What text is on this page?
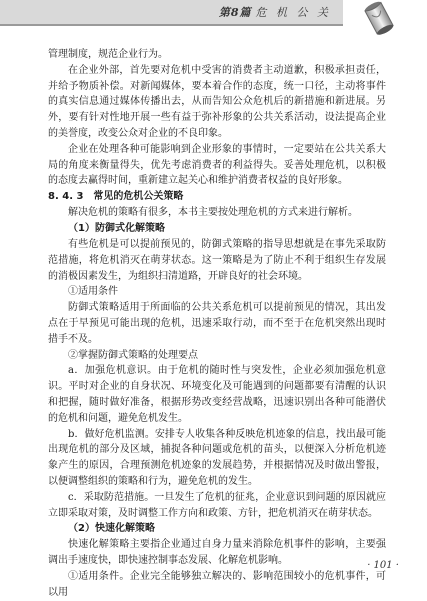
第8篇 危 机 公 关

管理制度，规范企业行为。

在企业外部，首先要对危机中受害的消费者主动道歉，积极承担责任，并给予物质补偿。对新闻媒体，要本着合作的态度，统一口径，主动将事件的真实信息通过媒体传播出去，从而告知公众危机后的新措施和新进展。另外，要有针对性地开展一些有益于弥补形象的公共关系活动，设法提高企业的美誉度，改变公众对企业的不良印象。

企业在处理各种可能影响到企业形象的事情时，一定要站在公共关系大局的角度来衡量得失，优先考虑消费者的利益得失。妥善处理危机，以积极的态度去赢得时间，重新建立起关心和维护消费者权益的良好形象。

8. 4. 3　常见的危机公关策略

解决危机的策略有很多，本书主要按处理危机的方式来进行解析。

（1）防御式化解策略

有些危机是可以提前预见的，防御式策略的指导思想就是在事先采取防范措施，将危机消灭在萌芽状态。这一策略是为了防止不利于组织生存发展的消极因素发生，为组织扫清道路，开辟良好的社会环境。

①适用条件

防御式策略适用于所面临的公共关系危机可以提前预见的情况，其出发点在于早预见可能出现的危机，迅速采取行动，而不至于在危机突然出现时措手不及。

②掌握防御式策略的处理要点

a．加强危机意识。由于危机的随时性与突发性，企业必须加强危机意识。平时对企业的自身状况、环境变化及可能遇到的问题都要有清醒的认识和把握，随时做好准备，根据形势改变经营战略，迅速识别出各种可能潜伏的危机和问题，避免危机发生。

b．做好危机监测。安排专人收集各种反映危机迹象的信息，找出最可能出现危机的部分及区域，捕捉各种问题或危机的苗头，以便深入分析危机迹象产生的原因，合理预测危机迹象的发展趋势，并根据情况及时做出警报，以便调整组织的策略和行为，避免危机的发生。

c．采取防范措施。一旦发生了危机的征兆，企业意识到问题的原因就应立即采取对策，及时调整工作方向和政策、方针，把危机消灭在萌芽状态。

（2）快速化解策略

快速化解策略主要指企业通过自身力量来消除危机事件的影响，主要强调出手速度快，即快速控制事态发展、化解危机影响。

①适用条件。企业完全能够独立解决的、影响范围较小的危机事件，可以用

· 101 ·
